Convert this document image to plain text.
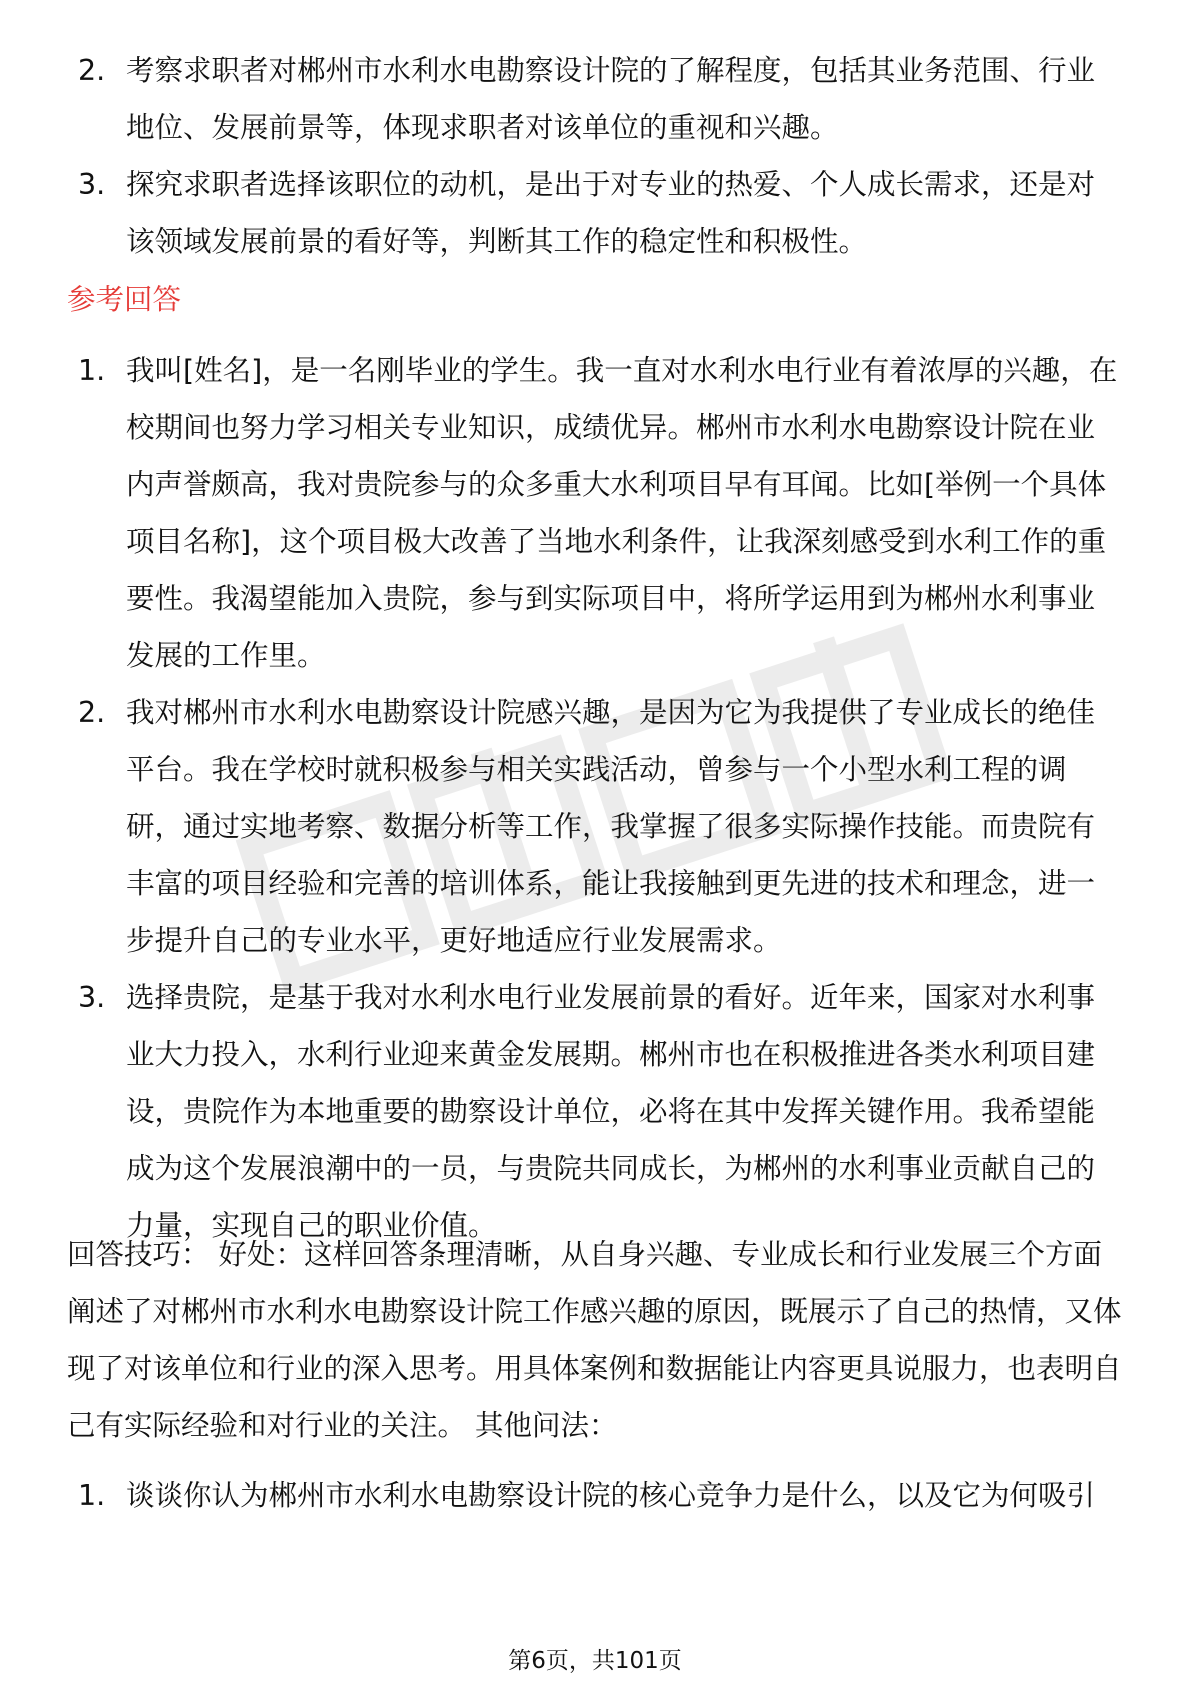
2. 考察求职者对郴州市水利水电勘察设计院的了解程度，包括其业务范围、行业地位、发展前景等，体现求职者对该单位的重视和兴趣。
3. 探究求职者选择该职位的动机，是出于对专业的热爱、个人成长需求，还是对该领域发展前景的看好等，判断其工作的稳定性和积极性。
参考回答
1. 我叫[姓名]，是一名刚毕业的学生。我一直对水利水电行业有着浓厚的兴趣，在校期间也努力学习相关专业知识，成绩优异。郴州市水利水电勘察设计院在业内声誉颇高，我对贵院参与的众多重大水利项目早有耳闻。比如[举例一个具体项目名称]，这个项目极大改善了当地水利条件，让我深刻感受到水利工作的重要性。我渴望能加入贵院，参与到实际项目中，将所学运用到为郴州水利事业发展的工作里。
2. 我对郴州市水利水电勘察设计院感兴趣，是因为它为我提供了专业成长的绝佳平台。我在学校时就积极参与相关实践活动，曾参与一个小型水利工程的调研，通过实地考察、数据分析等工作，我掌握了很多实际操作技能。而贵院有丰富的项目经验和完善的培训体系，能让我接触到更先进的技术和理念，进一步提升自己的专业水平，更好地适应行业发展需求。
3. 选择贵院，是基于我对水利水电行业发展前景的看好。近年来，国家对水利事业大力投入，水利行业迎来黄金发展期。郴州市也在积极推进各类水利项目建设，贵院作为本地重要的勘察设计单位，必将在其中发挥关键作用。我希望能成为这个发展浪潮中的一员，与贵院共同成长，为郴州的水利事业贡献自己的力量，实现自己的职业价值。

回答技巧： 好处：这样回答条理清晰，从自身兴趣、专业成长和行业发展三个方面阐述了对郴州市水利水电勘察设计院工作感兴趣的原因，既展示了自己的热情，又体现了对该单位和行业的深入思考。用具体案例和数据能让内容更具说服力，也表明自己有实际经验和对行业的关注。 其他问法：

1. 谈谈你认为郴州市水利水电勘察设计院的核心竞争力是什么，以及它为何吸引
第6页，共101页
